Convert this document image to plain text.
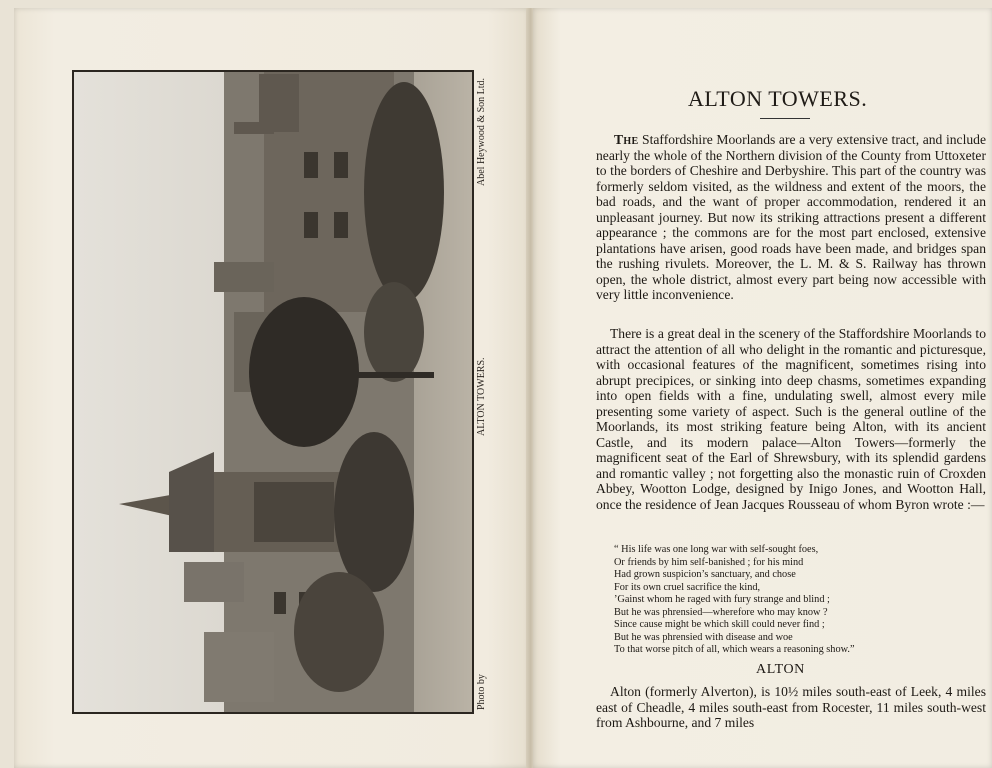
ALTON TOWERS.
Abel Heywood & Son Ltd.
Photo by
ALTON TOWERS.

The Staffordshire Moorlands are a very extensive tract, and include nearly the whole of the Northern division of the County from Uttoxeter to the borders of Cheshire and Derbyshire. This part of the country was formerly seldom visited, as the wildness and extent of the moors, the bad roads, and the want of proper accommodation, rendered it an unpleasant journey. But now its striking attractions present a different appearance ; the commons are for the most part enclosed, extensive plantations have arisen, good roads have been made, and bridges span the rushing rivulets. Moreover, the L. M. & S. Railway has thrown open, the whole district, almost every part being now accessible with very little inconvenience.

There is a great deal in the scenery of the Staffordshire Moorlands to attract the attention of all who delight in the romantic and picturesque, with occasional features of the magnificent, sometimes rising into abrupt precipices, or sinking into deep chasms, sometimes expanding into open fields with a fine, undulating swell, almost every mile presenting some variety of aspect. Such is the general outline of the Moorlands, its most striking feature being Alton, with its ancient Castle, and its modern palace—Alton Towers—formerly the magnificent seat of the Earl of Shrewsbury, with its splendid gardens and romantic valley ; not forgetting also the monastic ruin of Croxden Abbey, Wootton Lodge, designed by Inigo Jones, and Wootton Hall, once the residence of Jean Jacques Rousseau of whom Byron wrote :—

“ His life was one long war with self-sought foes,
Or friends by him self-banished ; for his mind
Had grown suspicion’s sanctuary, and chose
For its own cruel sacrifice the kind,
’Gainst whom he raged with fury strange and blind ;
But he was phrensied—wherefore who may know ?
Since cause might be which skill could never find ;
But he was phrensied with disease and woe
To that worse pitch of all, which wears a reasoning show.”
ALTON

Alton (formerly Alverton), is 10½ miles south-east of Leek, 4 miles east of Cheadle, 4 miles south-east from Rocester, 11 miles south-west from Ashbourne, and 7 miles
